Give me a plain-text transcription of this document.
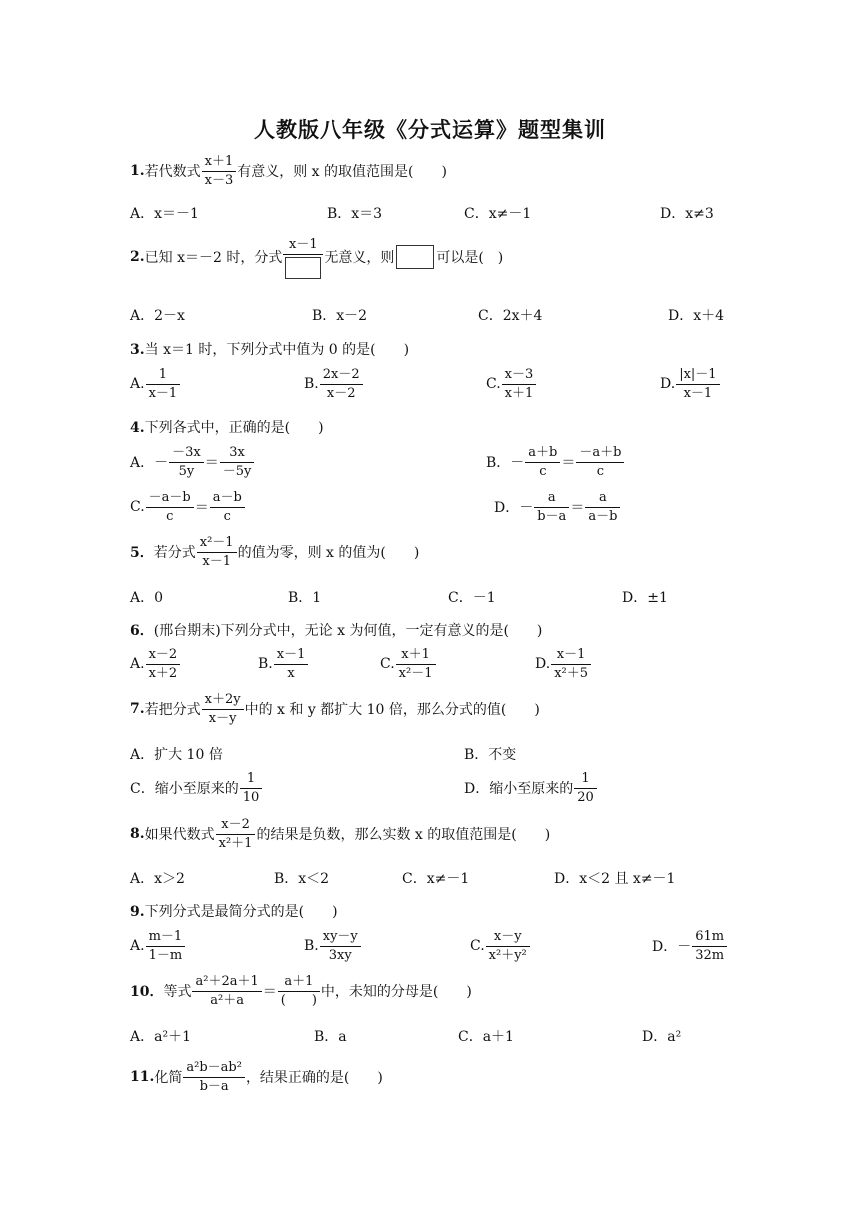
人教版八年级《分式运算》题型集训
1. 若代数式 $\frac{x+1}{x-3}$ 有意义，则 x 的取值范围是(　　)
A．x＝－1	B．x＝3	C．x≠－1	D．x≠3
2. 已知 x＝－2 时，分式
x－1
无意义，则	可以是(　)
A．2－x	B．x－2	C．2x＋4	D．x＋4
3.当 x＝1 时，下列分式中值为 0 的是(　　)
A. $\frac{1}{x-1}$	B. $\frac{2x-2}{x-2}$	C. $\frac{x-3}{x+1}$	D. $\frac{|x|-1}{x-1}$
4.下列各式中，正确的是(　　)
A．－ $\frac{-3x}{5y} = \frac{3x}{-5y}$	B．－ $\frac{a+b}{c} = \frac{-a+b}{c}$
C. $\frac{-a-b}{c} = \frac{a-b}{c}$	D．－ $\frac{a}{b-a} = \frac{a}{a-b}$
5． 若分式 $\frac{\text{x²－1}}{x-1}$ 的值为零，则 x 的值为(　　)
A．0	B．1	C．－1	D．±1
6．(邢台期末)下列分式中，无论 x 为何值，一定有意义的是(　　)
A. $\frac{x-2}{x+2}$	B. $\frac{x-1}{x}$	C. $\frac{x+1}{\text{x²－1}}$	D. $\frac{x-1}{\text{x²＋5}}$
7. 若把分式 $\frac{x+2y}{x-y}$ 中的 x 和 y 都扩大 10 倍，那么分式的值(　　)
A．扩大 10 倍	B．不变
C．缩小至原来的 $\frac{1}{10}$	D．缩小至原来的 $\frac{1}{20}$
8. 如果代数式 $\frac{x-2}{\text{x²＋1}}$ 的结果是负数，那么实数 x 的取值范围是(　　)
A．x＞2	B．x＜2	C．x≠－1	D．x＜2 且 x≠－1
9.下列分式是最简分式的是(　　)
A. $\frac{m-1}{1-m}$	B. $\frac{xy-y}{3xy}$	C. $\frac{x-y}{\text{x²＋y²}}$	D．－ $\frac{61m}{32m}$
10． 等式 $\frac{\text{a²＋2a＋1}}{\text{a²＋a}} = \frac{a+1}{( )}$ 中，未知的分母是(　　)
A．a²＋1	B．a	C．a＋1	D．a²
11. 化简 $\frac{\text{a²b－ab²}}{b-a}$ ，结果正确的是(　　)
